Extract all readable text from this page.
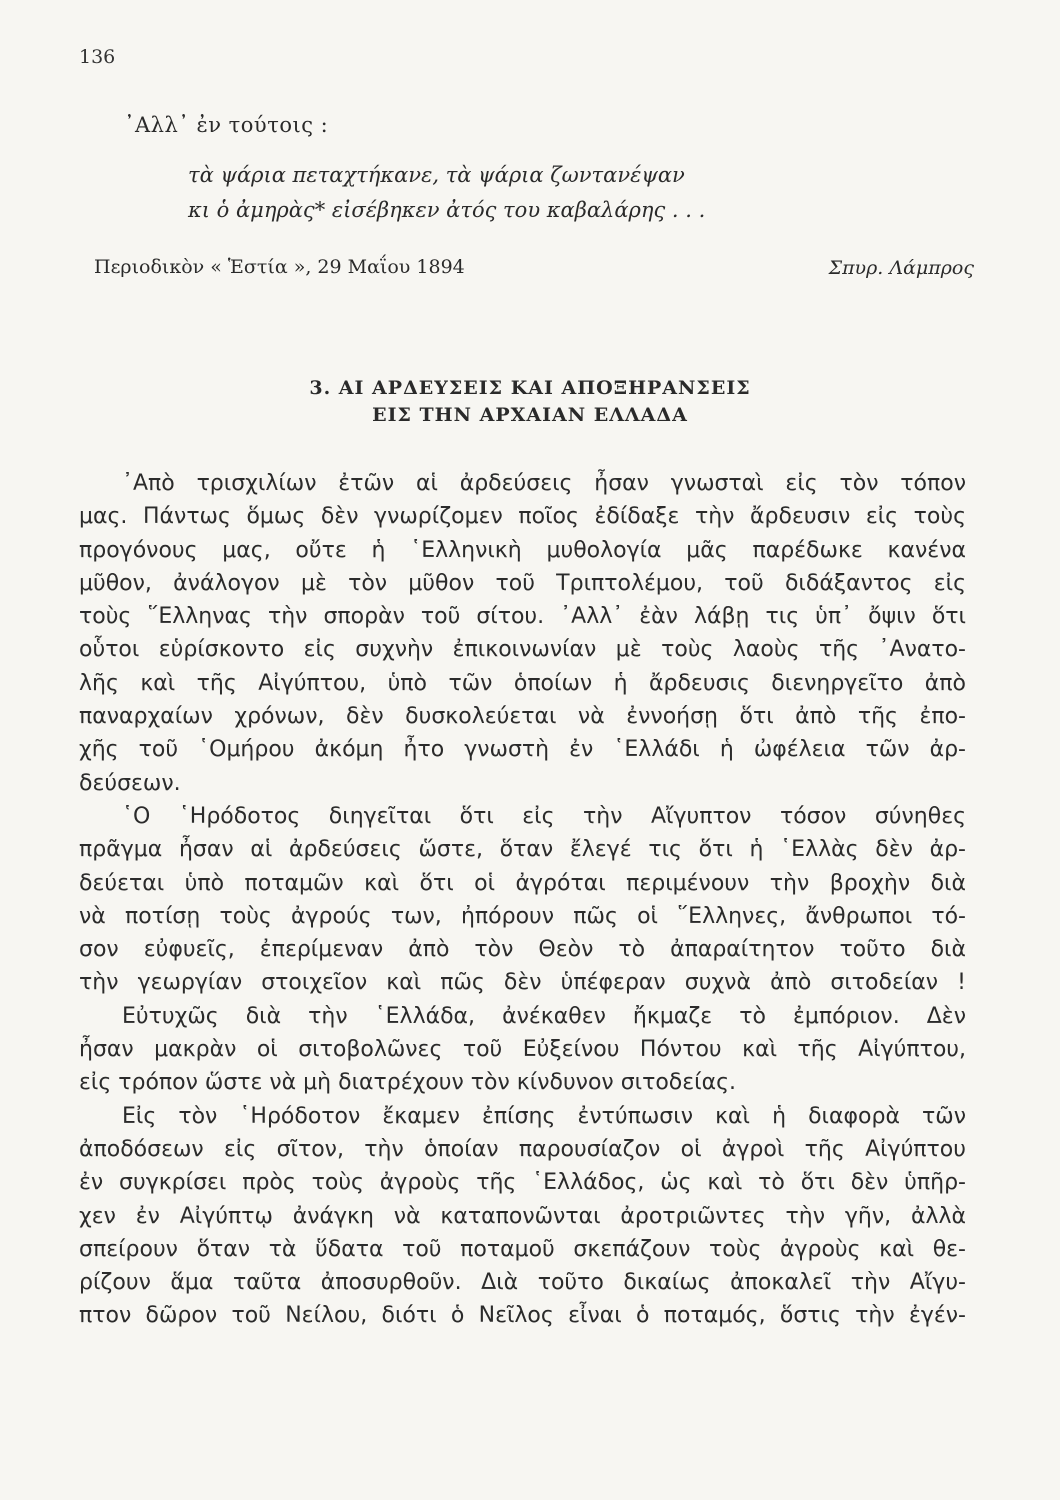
136
᾽Αλλ᾽ ἐν τούτοις :
τὰ ψάρια πεταχτήκανε, τὰ ψάρια ζωντανέψαν
κι ὁ ἀμηρὰς* εἰσέβηκεν ἀτός του καβαλάρης . . .
Περιοδικὸν « Ἑστία », 29 Μαΐου 1894	Σπυρ. Λάμπρος
3. ΑΙ ΑΡΔΕΥΣΕΙΣ ΚΑΙ ΑΠΟΞΗΡΑΝΣΕΙΣ
ΕΙΣ ΤΗΝ ΑΡΧΑΙΑΝ ΕΛΛΑΔΑ
᾽Απὸ τρισχιλίων ἐτῶν αἱ ἀρδεύσεις ἦσαν γνωσταὶ εἰς τὸν τόπον
μας. Πάντως ὅμως δὲν γνωρίζομεν ποῖος ἐδίδαξε τὴν ἄρδευσιν εἰς τοὺς
προγόνους μας, οὔτε ἡ ῾Ελληνικὴ μυθολογία μᾶς παρέδωκε κανένα
μῦθον, ἀνάλογον μὲ τὸν μῦθον τοῦ Τριπτολέμου, τοῦ διδάξαντος εἰς
τοὺς ῞Ελληνας τὴν σπορὰν τοῦ σίτου. ᾽Αλλ᾽ ἐὰν λάβῃ τις ὑπ᾽ ὄψιν ὅτι
οὗτοι εὑρίσκοντο εἰς συχνὴν ἐπικοινωνίαν μὲ τοὺς λαοὺς τῆς ᾽Ανατο-
λῆς καὶ τῆς Αἰγύπτου, ὑπὸ τῶν ὁποίων ἡ ἄρδευσις διενηργεῖτο ἀπὸ
παναρχαίων χρόνων, δὲν δυσκολεύεται νὰ ἐννοήσῃ ὅτι ἀπὸ τῆς ἐπο-
χῆς τοῦ ῾Ομήρου ἀκόμη ἦτο γνωστὴ ἐν ῾Ελλάδι ἡ ὠφέλεια τῶν ἀρ-
δεύσεων.
῾Ο ῾Ηρόδοτος διηγεῖται ὅτι εἰς τὴν Αἴγυπτον τόσον σύνηθες
πρᾶγμα ἦσαν αἱ ἀρδεύσεις ὥστε, ὅταν ἔλεγέ τις ὅτι ἡ ῾Ελλὰς δὲν ἀρ-
δεύεται ὑπὸ ποταμῶν καὶ ὅτι οἱ ἀγρόται περιμένουν τὴν βροχὴν διὰ
νὰ ποτίσῃ τοὺς ἀγρούς των, ἠπόρουν πῶς οἱ ῞Ελληνες, ἄνθρωποι τό-
σον εὐφυεῖς, ἐπερίμεναν ἀπὸ τὸν Θεὸν τὸ ἀπαραίτητον τοῦτο διὰ
τὴν γεωργίαν στοιχεῖον καὶ πῶς δὲν ὑπέφεραν συχνὰ ἀπὸ σιτοδείαν !
Εὐτυχῶς διὰ τὴν ῾Ελλάδα, ἀνέκαθεν ἤκμαζε τὸ ἐμπόριον. Δὲν
ἦσαν μακρὰν οἱ σιτοβολῶνες τοῦ Εὐξείνου Πόντου καὶ τῆς Αἰγύπτου,
εἰς τρόπον ὥστε νὰ μὴ διατρέχουν τὸν κίνδυνον σιτοδείας.
Εἰς τὸν ῾Ηρόδοτον ἔκαμεν ἐπίσης ἐντύπωσιν καὶ ἡ διαφορὰ τῶν
ἀποδόσεων εἰς σῖτον, τὴν ὁποίαν παρουσίαζον οἱ ἀγροὶ τῆς Αἰγύπτου
ἐν συγκρίσει πρὸς τοὺς ἀγροὺς τῆς ῾Ελλάδος, ὡς καὶ τὸ ὅτι δὲν ὑπῆρ-
χεν ἐν Αἰγύπτῳ ἀνάγκη νὰ καταπονῶνται ἀροτριῶντες τὴν γῆν, ἀλλὰ
σπείρουν ὅταν τὰ ὕδατα τοῦ ποταμοῦ σκεπάζουν τοὺς ἀγροὺς καὶ θε-
ρίζουν ἅμα ταῦτα ἀποσυρθοῦν. Διὰ τοῦτο δικαίως ἀποκαλεῖ τὴν Αἴγυ-
πτον δῶρον τοῦ Νείλου, διότι ὁ Νεῖλος εἶναι ὁ ποταμός, ὅστις τὴν ἐγέν-
